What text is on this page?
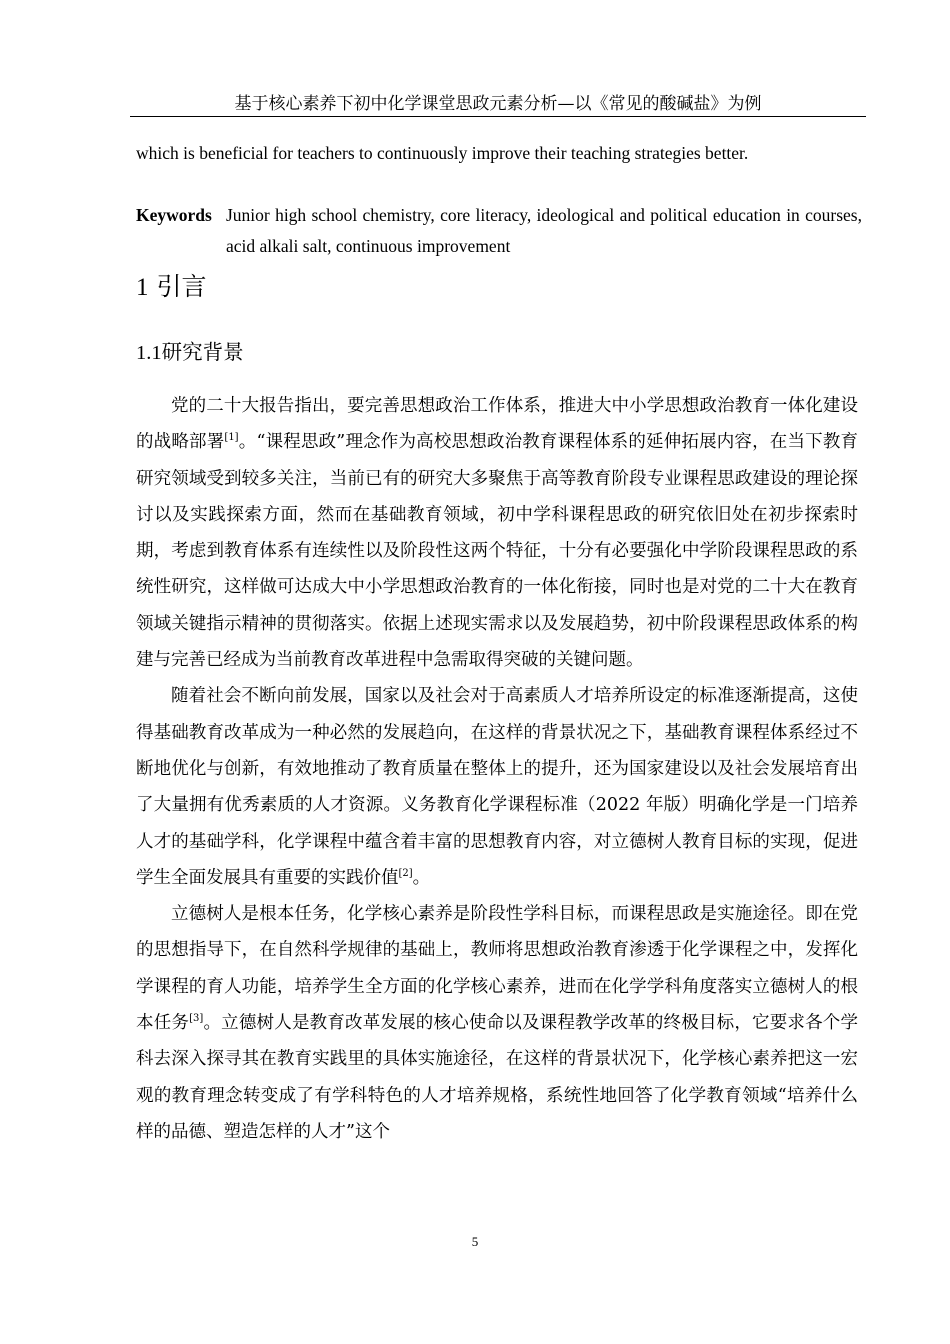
基于核心素养下初中化学课堂思政元素分析—以《常见的酸碱盐》为例
which is beneficial for teachers to continuously improve their teaching strategies better.
Keywords Junior high school chemistry, core literacy, ideological and political education in courses, acid alkali salt, continuous improvement
1 引言
1.1研究背景

党的二十大报告指出，要完善思想政治工作体系，推进大中小学思想政治教育一体化建设的战略部署[1]。“课程思政”理念作为高校思想政治教育课程体系的延伸拓展内容，在当下教育研究领域受到较多关注，当前已有的研究大多聚焦于高等教育阶段专业课程思政建设的理论探讨以及实践探索方面，然而在基础教育领域，初中学科课程思政的研究依旧处在初步探索时期，考虑到教育体系有连续性以及阶段性这两个特征，十分有必要强化中学阶段课程思政的系统性研究，这样做可达成大中小学思想政治教育的一体化衔接，同时也是对党的二十大在教育领域关键指示精神的贯彻落实。依据上述现实需求以及发展趋势，初中阶段课程思政体系的构建与完善已经成为当前教育改革进程中急需取得突破的关键问题。

随着社会不断向前发展，国家以及社会对于高素质人才培养所设定的标准逐渐提高，这使得基础教育改革成为一种必然的发展趋向，在这样的背景状况之下，基础教育课程体系经过不断地优化与创新，有效地推动了教育质量在整体上的提升，还为国家建设以及社会发展培育出了大量拥有优秀素质的人才资源。义务教育化学课程标准（2022 年版）明确化学是一门培养人才的基础学科，化学课程中蕴含着丰富的思想教育内容，对立德树人教育目标的实现，促进学生全面发展具有重要的实践价值[2]。

立德树人是根本任务，化学核心素养是阶段性学科目标，而课程思政是实施途径。即在党的思想指导下，在自然科学规律的基础上，教师将思想政治教育渗透于化学课程之中，发挥化学课程的育人功能，培养学生全方面的化学核心素养，进而在化学学科角度落实立德树人的根本任务[3]。立德树人是教育改革发展的核心使命以及课程教学改革的终极目标，它要求各个学科去深入探寻其在教育实践里的具体实施途径，在这样的背景状况下，化学核心素养把这一宏观的教育理念转变成了有学科特色的人才培养规格，系统性地回答了化学教育领域“培养什么样的品德、塑造怎样的人才”这个

5
